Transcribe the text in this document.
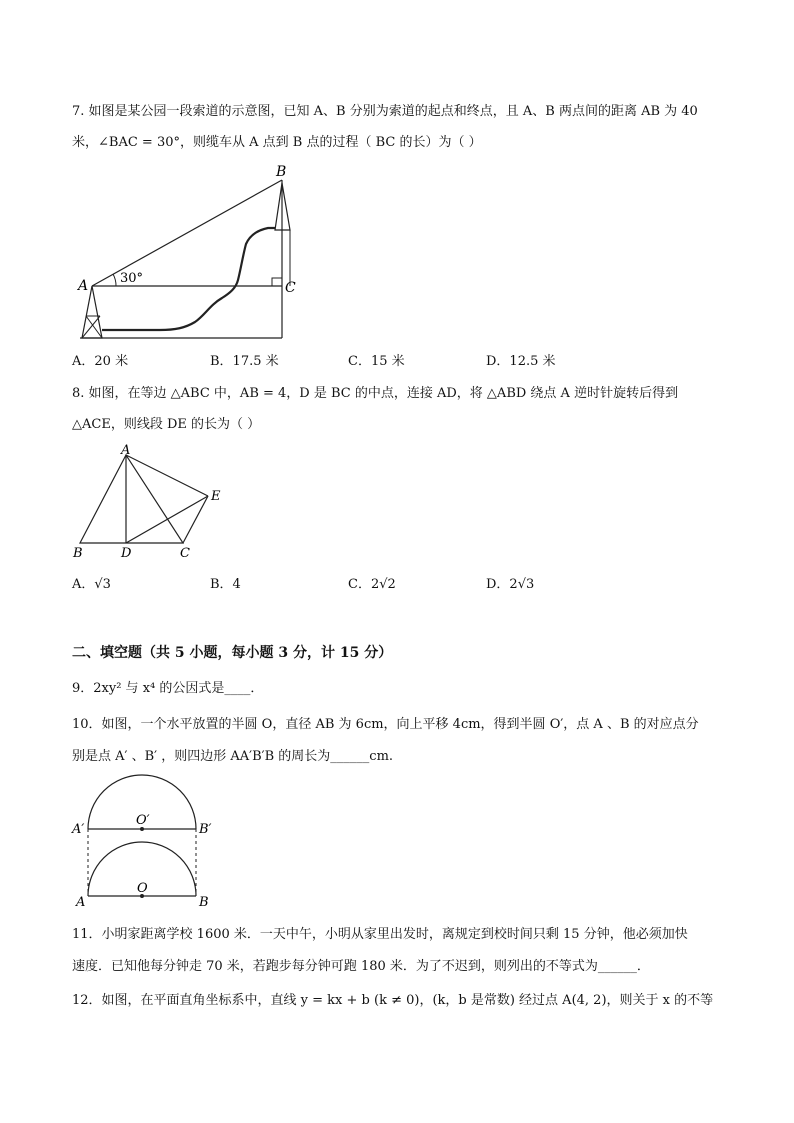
7. 如图是某公园一段索道的示意图，已知 A、B 分别为索道的起点和终点，且 A、B 两点间的距离 AB 为 40
米，∠BAC = 30°，则缆车从 A 点到 B 点的过程（ BC 的长）为（ ）
30°
A
B
C
A．20 米	B．17.5 米	C．15 米	D．12.5 米
8. 如图，在等边 △ABC 中，AB = 4，D 是 BC 的中点，连接 AD，将 △ABD 绕点 A 逆时针旋转后得到
△ACE，则线段 DE 的长为（ ）
A
B	D	C
E
A．√3	B．4	C．2√2	D．2√3
二、填空题（共 5 小题，每小题 3 分，计 15 分）
9．2xy² 与 x⁴ 的公因式是____．
10．如图，一个水平放置的半圆 O，直径 AB 为 6cm，向上平移 4cm，得到半圆 O′，点 A 、B 的对应点分
别是点 A′ 、B′ ，则四边形 AA′B′B 的周长为______cm.
O′
O
A′	B′
A	B
11．小明家距离学校 1600 米．一天中午，小明从家里出发时，离规定到校时间只剩 15 分钟，他必须加快
速度．已知他每分钟走 70 米，若跑步每分钟可跑 180 米．为了不迟到，则列出的不等式为______．
12．如图，在平面直角坐标系中，直线 y = kx + b (k ≠ 0)，(k，b 是常数) 经过点 A(4, 2)，则关于 x 的不等
